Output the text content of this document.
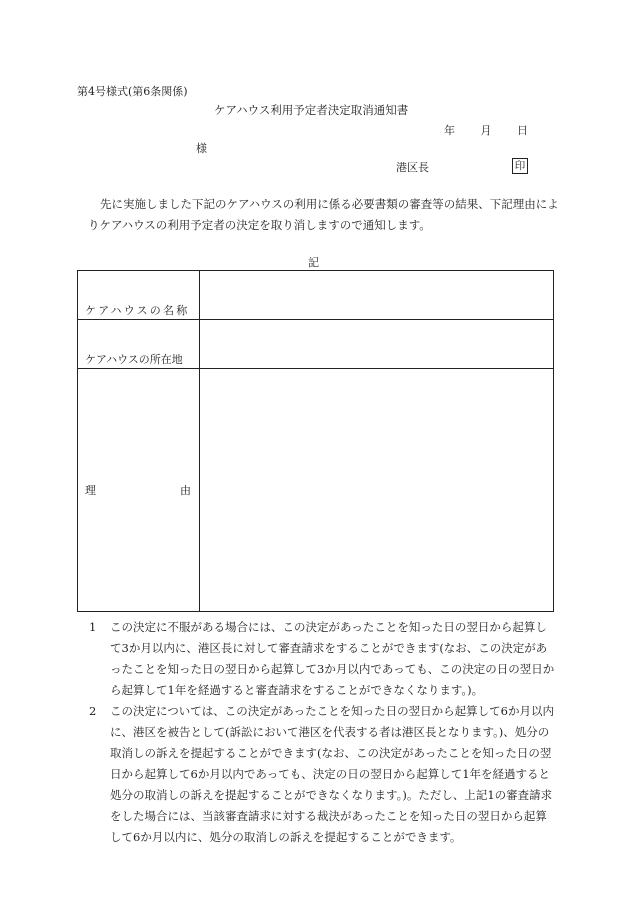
第4号様式(第6条関係)
ケアハウス利用予定者決定取消通知書
年 月 日
様
港区長	印
先に実施しました下記のケアハウスの利用に係る必要書類の審査等の結果、下記理由によりケアハウスの利用予定者の決定を取り消しますので通知します。
記
ケアハウスの名称	

ケアハウスの所在地	

理 由	

1	この決定に不服がある場合には、この決定があったことを知った日の翌日から起算して3か月以内に、港区長に対して審査請求をすることができます(なお、この決定があったことを知った日の翌日から起算して3か月以内であっても、この決定の日の翌日から起算して1年を経過すると審査請求をすることができなくなります。)。
2	この決定については、この決定があったことを知った日の翌日から起算して6か月以内に、港区を被告として(訴訟において港区を代表する者は港区長となります。)、処分の取消しの訴えを提起することができます(なお、この決定があったことを知った日の翌日から起算して6か月以内であっても、決定の日の翌日から起算して1年を経過すると処分の取消しの訴えを提起することができなくなります。)。ただし、上記1の審査請求をした場合には、当該審査請求に対する裁決があったことを知った日の翌日から起算して6か月以内に、処分の取消しの訴えを提起することができます。
